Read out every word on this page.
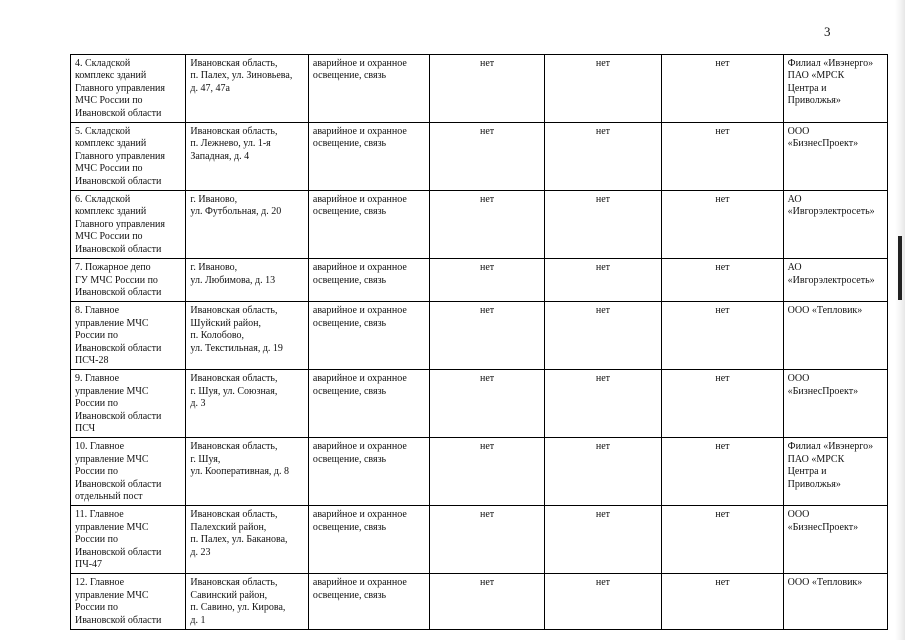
3
4. Складской
комплекс зданий
Главного управления
МЧС России по
Ивановской области	Ивановская область,
п. Палех, ул. Зиновьева,
д. 47, 47а	аварийное и охранное
освещение, связь	нет	нет	нет	Филиал «Ивэнерго»
ПАО «МРСК
Центра и
Приволжья»
5. Складской
комплекс зданий
Главного управления
МЧС России по
Ивановской области	Ивановская область,
п. Лежнево, ул. 1-я
Западная, д. 4	аварийное и охранное
освещение, связь	нет	нет	нет	ООО
«БизнесПроект»
6. Складской
комплекс зданий
Главного управления
МЧС России по
Ивановской области	г. Иваново,
ул. Футбольная, д. 20	аварийное и охранное
освещение, связь	нет	нет	нет	АО
«Ивгорэлектросеть»
7. Пожарное депо
ГУ МЧС России по
Ивановской области	г. Иваново,
ул. Любимова, д. 13	аварийное и охранное
освещение, связь	нет	нет	нет	АО
«Ивгорэлектросеть»
8. Главное
управление МЧС
России по
Ивановской области
ПСЧ-28	Ивановская область,
Шуйский район,
п. Колобово,
ул. Текстильная, д. 19	аварийное и охранное
освещение, связь	нет	нет	нет	ООО «Тепловик»
9. Главное
управление МЧС
России по
Ивановской области
ПСЧ	Ивановская область,
г. Шуя, ул. Союзная,
д. 3	аварийное и охранное
освещение, связь	нет	нет	нет	ООО
«БизнесПроект»
10. Главное
управление МЧС
России по
Ивановской области
отдельный пост	Ивановская область,
г. Шуя,
ул. Кооперативная, д. 8	аварийное и охранное
освещение, связь	нет	нет	нет	Филиал «Ивэнерго»
ПАО «МРСК
Центра и
Приволжья»
11. Главное
управление МЧС
России по
Ивановской области
ПЧ-47	Ивановская область,
Палехский район,
п. Палех, ул. Баканова,
д. 23	аварийное и охранное
освещение, связь	нет	нет	нет	ООО
«БизнесПроект»
12. Главное
управление МЧС
России по
Ивановской области	Ивановская область,
Савинский район,
п. Савино, ул. Кирова,
д. 1	аварийное и охранное
освещение, связь	нет	нет	нет	ООО «Тепловик»
